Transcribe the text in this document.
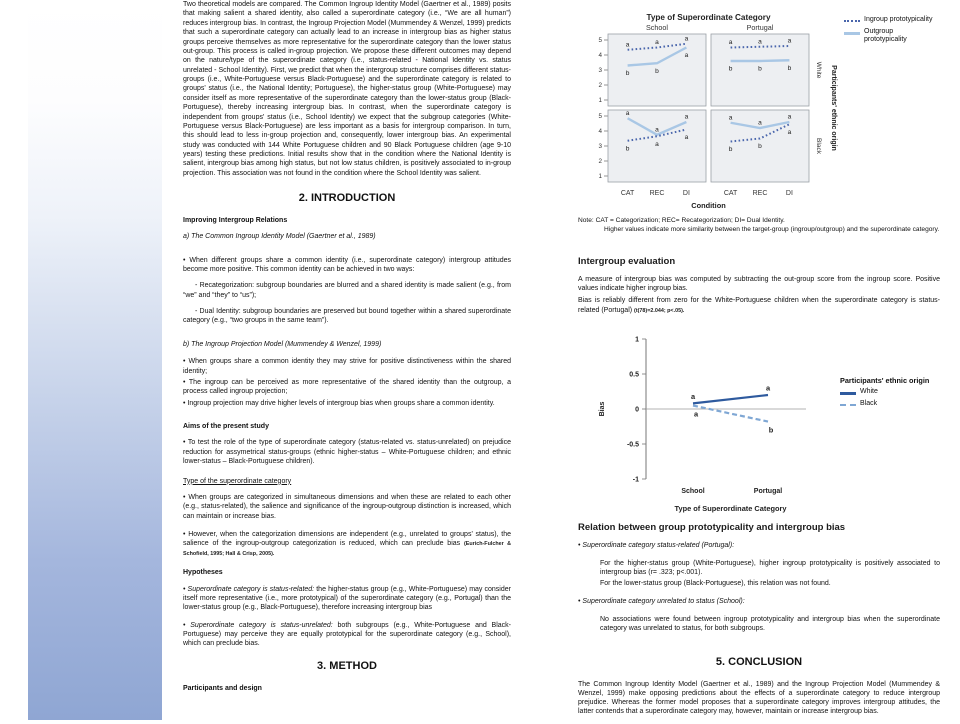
Two theoretical models are compared. The Common Ingroup Identity Model (Gaertner et al., 1989) posits that making salient a shared identity, also called a superordinate category (i.e., “We are all human”) reduces intergroup bias. In contrast, the Ingroup Projection Model (Mummendey & Wenzel, 1999) predicts that such a superordinate category can actually lead to an increase in intergroup bias as higher status groups perceive themselves as more representative for the superordinate category than the lower status out-group. This process is called in-group projection. We propose these different outcomes may depend on the nature/type of the superordinate category (i.e., status-related - National Identity vs. status unrelated - School Identity). First, we predict that when the intergroup structure comprises different status-groups (i.e., White-Portuguese versus Black-Portuguese) and the superordinate category is related to groups' status (i.e., the National Identity; Portuguese), the higher-status group (White-Portuguese) may consider itself as more representative of the superordinate category than the lower-status group (Black-Portuguese), thereby increasing intergroup bias. In contrast, when the superordinate category is independent from groups' status (i.e., School Identity) we expect that the subgroup categories (White-Portuguese versus Black-Portuguese) are less important as a basis for intergroup comparison. In turn, this should lead to less in-group projection and, consequently, lower intergroup bias. An experimental study was conducted with 144 White Portuguese children and 90 Black Portuguese children (age 9-10 years) testing these predictions. Initial results show that in the condition where the National Identity is salient, intergroup bias among high status, but not low status children, is positively associated to in-group projection. This association was not found in the condition where the School Identity was salient.

2. INTRODUCTION
Improving Intergroup Relations

a) The Common Ingroup Identity Model (Gaertner et al., 1989)

• When different groups share a common identity (i.e., superordinate category) intergroup attitudes become more positive. This common identity can be achieved in two ways:

- Recategorization: subgroup boundaries are blurred and a shared identity is made salient (e.g., from “we” and “they” to “us”);

- Dual Identity: subgroup boundaries are preserved but bound together within a shared superordinate category (e.g., “two groups in the same team”).

b) The Ingroup Projection Model (Mummendey & Wenzel, 1999)

• When groups share a common identity they may strive for positive distinctiveness within the shared identity;

• The ingroup can be perceived as more representative of the shared identity than the outgroup, a process called ingroup projection;

• Ingroup projection may drive higher levels of intergroup bias when groups share a common identity.

Aims of the present study

• To test the role of the type of superordinate category (status-related vs. status-unrelated) on prejudice reduction for assymetrical status-groups (ethnic higher-status – White-Portuguese children; and ethnic lower-status – Black-Portuguese children).

Type of the superordinate category

• When groups are categorized in simultaneous dimensions and when these are related to each other (e.g., status-related), the salience and significance of the ingroup-outgroup distinction is increased, which can maintain or increase bias.

• However, when the categorization dimensions are independent (e.g., unrelated to groups' status), the salience of the ingroup-outgroup categorization is reduced, which can preclude bias (Eurich-Fulcher & Schofield, 1995; Hall & Crisp, 2005).

Hypotheses

• Superordinate category is status-related: the higher-status group (e.g., White-Portuguese) may consider itself more representative (i.e., more prototypical) of the superordinate category (e.g., Portugal) than the lower-status group (e.g., Black-Portuguese), therefore increasing intergroup bias

• Superordinate category is status-unrelated: both subgroups (e.g., White-Portuguese and Black-Portuguese) may perceive they are equally prototypical for the superordinate category (e.g., School), which can preclude bias.

3. METHOD
Participants and design
Type of Superordinate Category
School	Portugal
5
4
3
2
1
White
5
4
3
2
1
Black Participants' ethnic origin
a
b
a
b
a
a
a
b
a
b
a
b
b
a
a
a
a
a
b
a
b
a
a
a
CAT REC	DI	CAT REC	DI
Condition
Ingroup prototypicality
Outgroup prototypicality
Note: CAT = Categorization; REC= Recategorization; DI= Dual Identity.
Higher values indicate more similarity between the target-group (ingroup/outgroup) and the superordinate category.
Intergroup evaluation

A measure of intergroup bias was computed by subtracting the out-group score from the ingroup score. Positive values indicate higher ingroup bias.

Bias is reliably different from zero for the White-Portuguese children when the superordinate category is status-related (Portugal) (t(78)=2.044; p<.05).

1
0.5
0
-0.5
-1
a
a
a
b
School	Portugal
Bias
Type of Superordinate Category
Participants' ethnic origin
White
Black
Relation between group prototypicality and intergroup bias

• Superordinate category status-related (Portugal):

For the higher-status group (White-Portuguese), higher ingroup prototypicality is positively associated to intergroup bias (r= .323; p<.001).

For the lower-status group (Black-Portuguese), this relation was not found.

• Superordinate category unrelated to status (School):

No associations were found between ingroup prototypicality and intergroup bias when the superordinate category was unrelated to status, for both subgroups.

5. CONCLUSION

The Common Ingroup Identity Model (Gaertner et al., 1989) and the Ingroup Projection Model (Mummendey & Wenzel, 1999) make opposing predictions about the effects of a superordinate category to reduce intergroup prejudice. Whereas the former model proposes that a superordinate category improves intergroup attitudes, the latter contends that a superordinate category may, however, maintain or increase intergroup bias.
